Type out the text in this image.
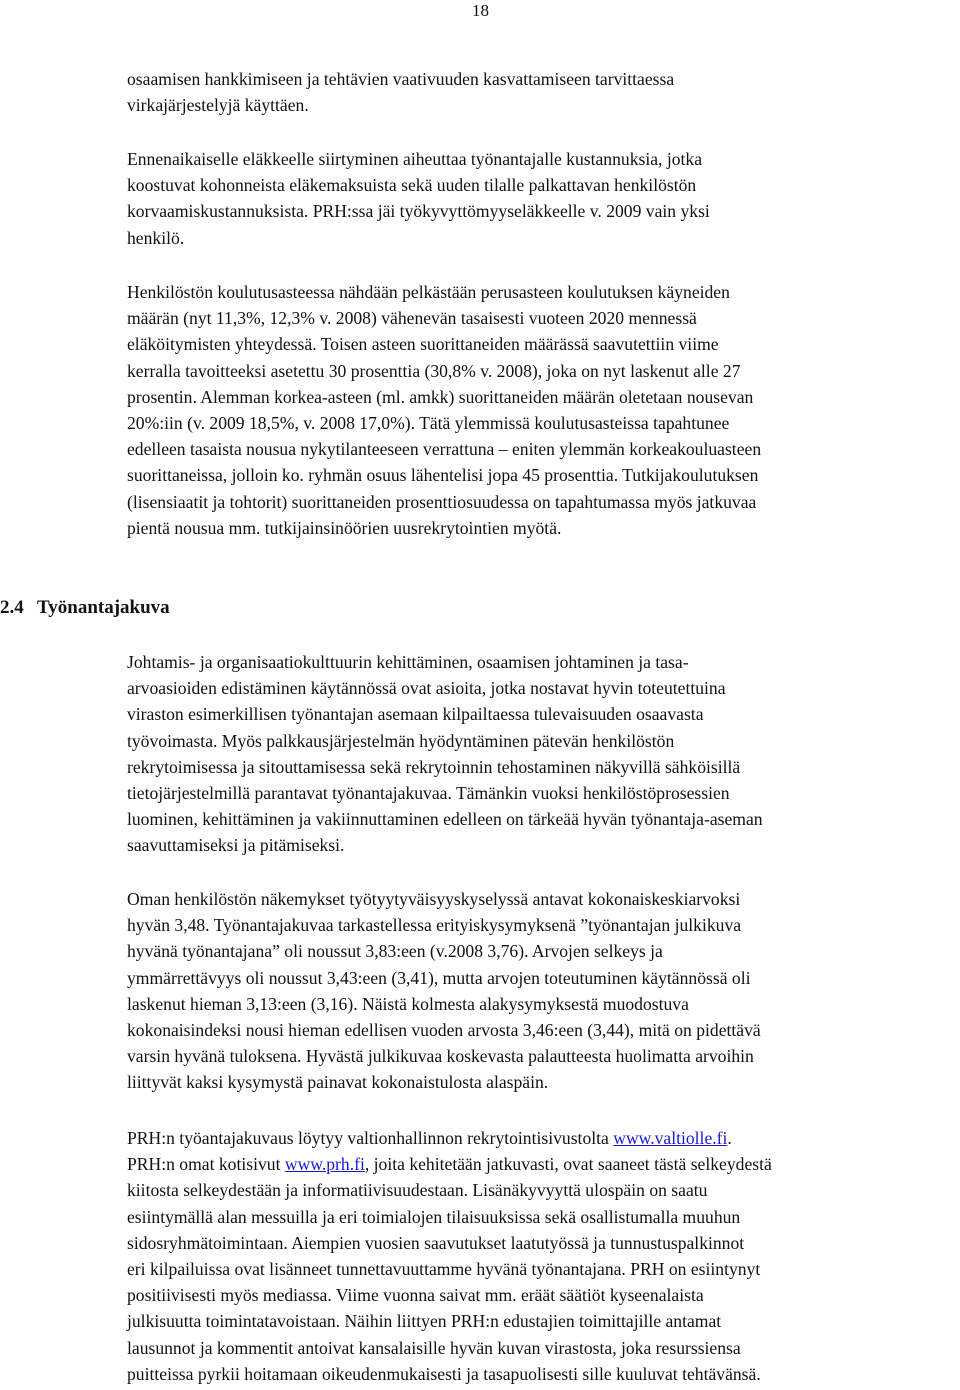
18

osaamisen hankkimiseen ja tehtävien vaativuuden kasvattamiseen tarvittaessa

virkajärjestelyjä käyttäen.

Ennenaikaiselle eläkkeelle siirtyminen aiheuttaa työnantajalle kustannuksia, jotka

koostuvat kohonneista eläkemaksuista sekä uuden tilalle palkattavan henkilöstön

korvaamiskustannuksista. PRH:ssa jäi työkyvyttömyyseläkkeelle v. 2009 vain yksi

henkilö.

Henkilöstön koulutusasteessa nähdään pelkästään perusasteen koulutuksen käyneiden

määrän (nyt 11,3%, 12,3% v. 2008) vähenevän tasaisesti vuoteen 2020 mennessä

eläköitymisten yhteydessä. Toisen asteen suorittaneiden määrässä saavutettiin viime

kerralla tavoitteeksi asetettu 30 prosenttia (30,8% v. 2008), joka on nyt laskenut alle 27

prosentin. Alemman korkea-asteen (ml. amkk) suorittaneiden määrän oletetaan nousevan

20%:iin (v. 2009 18,5%, v. 2008 17,0%). Tätä ylemmissä koulutusasteissa tapahtunee

edelleen tasaista nousua nykytilanteeseen verrattuna – eniten ylemmän korkeakouluasteen

suorittaneissa, jolloin ko. ryhmän osuus lähentelisi jopa 45 prosenttia. Tutkijakoulutuksen

(lisensiaatit ja tohtorit) suorittaneiden prosenttiosuudessa on tapahtumassa myös jatkuvaa

pientä nousua mm. tutkijainsinöörien uusrekrytointien myötä.

2.4 Työnantajakuva

Johtamis- ja organisaatiokulttuurin kehittäminen, osaamisen johtaminen ja tasa-

arvoasioiden edistäminen käytännössä ovat asioita, jotka nostavat hyvin toteutettuina

viraston esimerkillisen työnantajan asemaan kilpailtaessa tulevaisuuden osaavasta

työvoimasta. Myös palkkausjärjestelmän hyödyntäminen pätevän henkilöstön

rekrytoimisessa ja sitouttamisessa sekä rekrytoinnin tehostaminen näkyvillä sähköisillä

tietojärjestelmillä parantavat työnantajakuvaa. Tämänkin vuoksi henkilöstöprosessien

luominen, kehittäminen ja vakiinnuttaminen edelleen on tärkeää hyvän työnantaja-aseman

saavuttamiseksi ja pitämiseksi.

Oman henkilöstön näkemykset työtyytyväisyyskyselyssä antavat kokonaiskeskiarvoksi

hyvän 3,48. Työnantajakuvaa tarkastellessa erityiskysymyksenä ”työnantajan julkikuva

hyvänä työnantajana” oli noussut 3,83:een (v.2008 3,76). Arvojen selkeys ja

ymmärrettävyys oli noussut 3,43:een (3,41), mutta arvojen toteutuminen käytännössä oli

laskenut hieman 3,13:een (3,16). Näistä kolmesta alakysymyksestä muodostuva

kokonaisindeksi nousi hieman edellisen vuoden arvosta 3,46:een (3,44), mitä on pidettävä

varsin hyvänä tuloksena. Hyvästä julkikuvaa koskevasta palautteesta huolimatta arvoihin

liittyvät kaksi kysymystä painavat kokonaistulosta alaspäin.

PRH:n työantajakuvaus löytyy valtionhallinnon rekrytointisivustolta www.valtiolle.fi.

PRH:n omat kotisivut www.prh.fi, joita kehitetään jatkuvasti, ovat saaneet tästä selkeydestä

kiitosta selkeydestään ja informatiivisuudestaan. Lisänäkyvyyttä ulospäin on saatu

esiintymällä alan messuilla ja eri toimialojen tilaisuuksissa sekä osallistumalla muuhun

sidosryhmätoimintaan. Aiempien vuosien saavutukset laatutyössä ja tunnustuspalkinnot

eri kilpailuissa ovat lisänneet tunnettavuuttamme hyvänä työnantajana. PRH on esiintynyt

positiivisesti myös mediassa. Viime vuonna saivat mm. eräät säätiöt kyseenalaista

julkisuutta toimintatavoistaan. Näihin liittyen PRH:n edustajien toimittajille antamat

lausunnot ja kommentit antoivat kansalaisille hyvän kuvan virastosta, joka resurssiensa

puitteissa pyrkii hoitamaan oikeudenmukaisesti ja tasapuolisesti sille kuuluvat tehtävänsä.
